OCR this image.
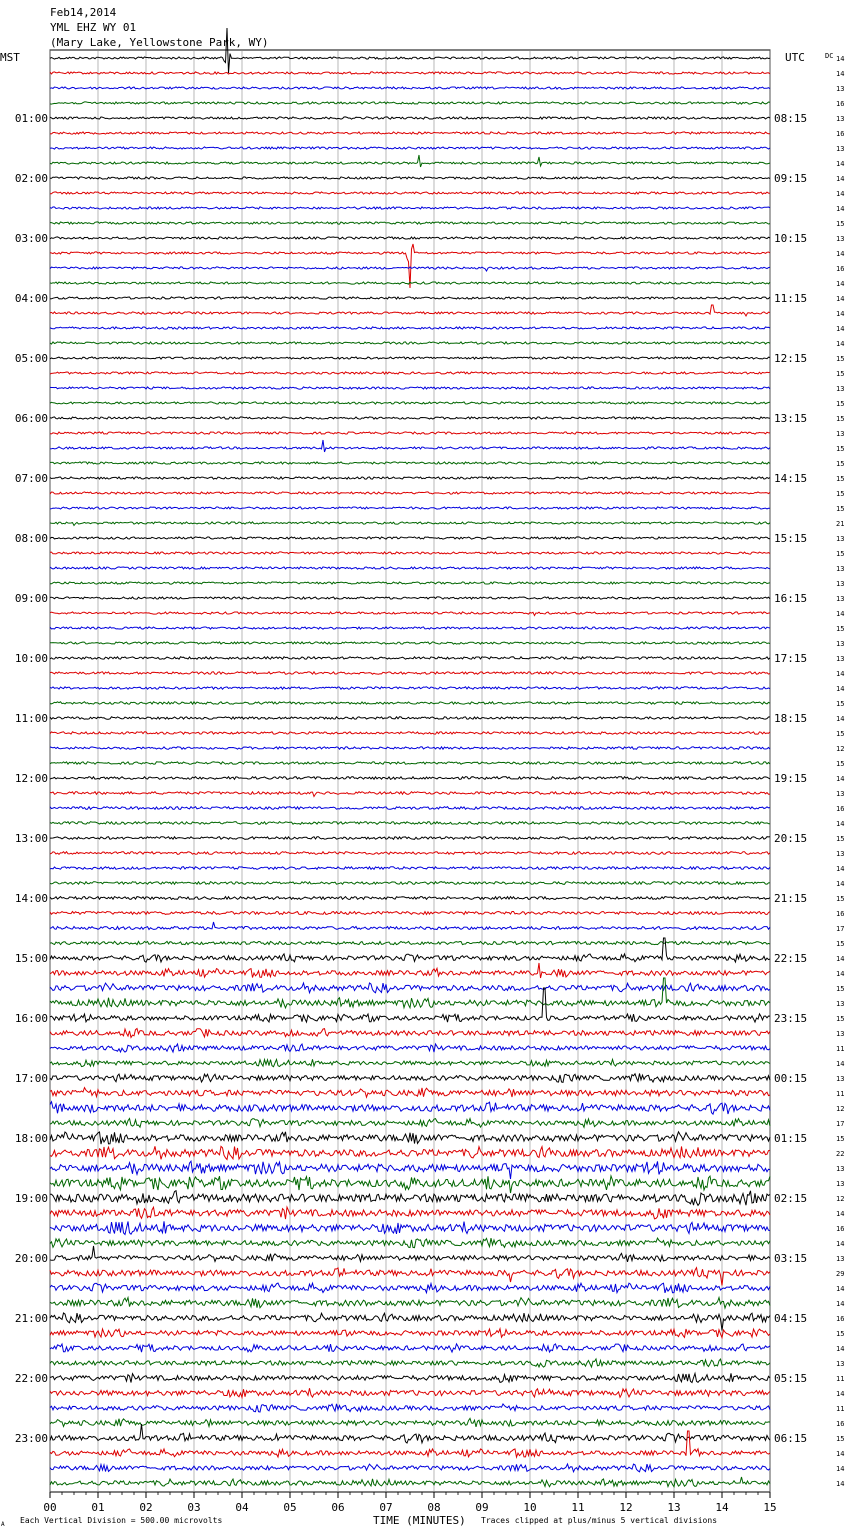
01:00
02:00
03:00
04:00
05:00
06:00
07:00
08:00
09:00
10:00
11:00
12:00
13:00
14:00
15:00
16:00
17:00
18:00
19:00
20:00
21:00
22:00
23:00
08:15
09:15
10:15
11:15
12:15
13:15
14:15
15:15
16:15
17:15
18:15
19:15
20:15
21:15
22:15
23:15
00:15
01:15
02:15
03:15
04:15
05:15
06:15
14
14
13
16
13
16
13
14
14
14
14
15
13
14
16
14
14
14
14
14
15
15
13
15
15
13
15
15
15
15
15
21
13
15
13
13
13
14
15
13
13
14
14
15
14
15
12
15
14
13
16
14
15
13
14
14
15
16
17
15
14
14
15
13
15
13
11
14
13
11
12
17
15
22
13
13
12
14
16
14
13
29
14
14
16
15
14
13
11
14
11
16
15
14
14
14
00	01	02	03	04	05	06	07	08	09	10	11	12	13	14	15
Feb14,2014
YML EHZ WY 01
(Mary Lake, Yellowstone Park, WY)
MST	UTC	DC
A Each Vertical Division = 500.00 microvolts	TIME (MINUTES) Traces clipped at plus/minus 5 vertical divisions
